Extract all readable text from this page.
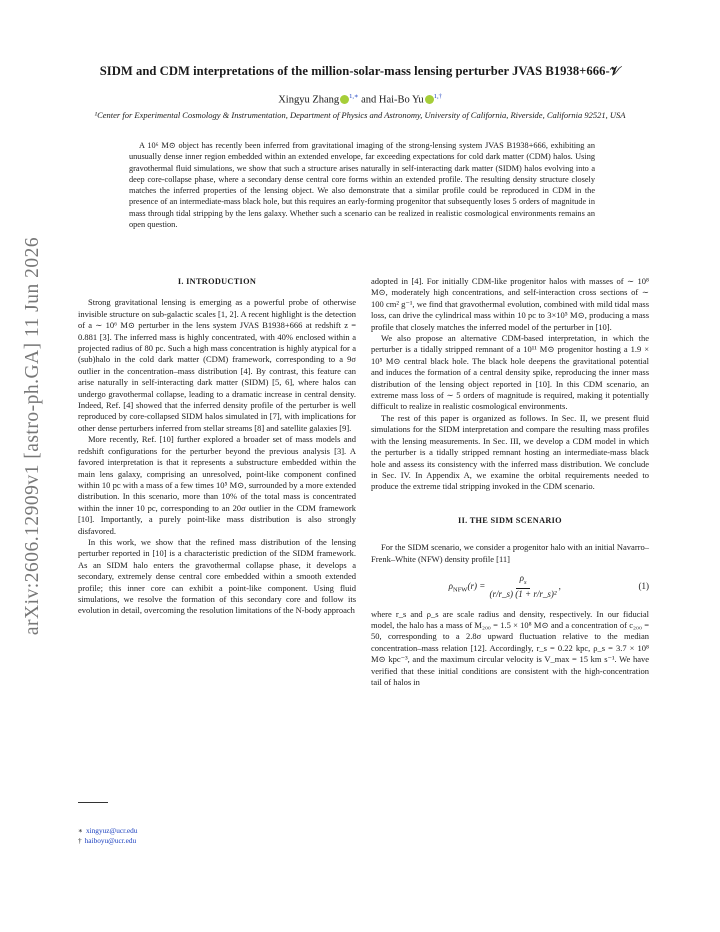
arXiv:2606.12909v1 [astro-ph.GA] 11 Jun 2026
SIDM and CDM interpretations of the million-solar-mass lensing perturber JVAS B1938+666-𝒱
Xingyu Zhang $^{1,∗}$ and Hai-Bo Yu $^{1,\dagger}$
¹Center for Experimental Cosmology & Instrumentation, Department of Physics and Astronomy, University of California, Riverside, California 92521, USA
A 10⁶ M⊙ object has recently been inferred from gravitational imaging of the strong-lensing system JVAS B1938+666, exhibiting an unusually dense inner region embedded within an extended envelope, far exceeding expectations for cold dark matter (CDM) halos. Using gravothermal fluid simulations, we show that such a structure arises naturally in self-interacting dark matter (SIDM) halos evolving into a deep core-collapse phase, where a secondary dense central core forms within an extended profile. The resulting density structure closely matches the inferred properties of the lensing object. We also demonstrate that a similar profile could be reproduced in CDM in the presence of an intermediate-mass black hole, but this requires an early-forming progenitor that subsequently loses 5 orders of magnitude in mass through tidal stripping by the lens galaxy. Whether such a scenario can be realized in realistic cosmological environments remains an open question.
I. INTRODUCTION

Strong gravitational lensing is emerging as a powerful probe of otherwise invisible structure on sub-galactic scales [1, 2]. A recent highlight is the detection of a ∼ 10⁶ M⊙ perturber in the lens system JVAS B1938+666 at redshift z = 0.881 [3]. The inferred mass is highly concentrated, with 40% enclosed within a projected radius of 80 pc. Such a high mass concentration is highly atypical for a (sub)halo in the cold dark matter (CDM) framework, corresponding to a 9σ outlier in the concentration–mass distribution [4]. By contrast, this feature can arise naturally in self-interacting dark matter (SIDM) [5, 6], where halos can undergo gravothermal collapse, leading to a dramatic increase in central density. Indeed, Ref. [4] showed that the inferred density profile of the perturber is well reproduced by core-collapsed SIDM halos simulated in [7], with implications for other dense perturbers inferred from stellar streams [8] and satellite galaxies [9].

More recently, Ref. [10] further explored a broader set of mass models and redshift configurations for the perturber beyond the previous analysis [3]. A favored interpretation is that it represents a substructure embedded within the main lens galaxy, comprising an unresolved, point-like component confined within 10 pc with a mass of a few times 10⁵ M⊙, surrounded by a more extended distribution. In this scenario, more than 10% of the total mass is concentrated within the inner 10 pc, corresponding to an 20σ outlier in the CDM framework [10]. Importantly, a purely point-like mass distribution is also strongly disfavored.

In this work, we show that the refined mass distribution of the lensing perturber reported in [10] is a characteristic prediction of the SIDM framework. As an SIDM halo enters the gravothermal collapse phase, it develops a secondary, extremely dense central core embedded within a smooth extended profile; this inner core can exhibit a point-like component. Using fluid simulations, we resolve the formation of this secondary core and follow its evolution in detail, overcoming the resolution limitations of the N-body approach

adopted in [4]. For initially CDM-like progenitor halos with masses of ∼ 10⁸ M⊙, moderately high concentrations, and self-interaction cross sections of ∼ 100 cm² g⁻¹, we find that gravothermal evolution, combined with mild tidal mass loss, can drive the cylindrical mass within 10 pc to 3×10⁵ M⊙, producing a mass profile that closely matches the inferred model of the perturber in [10].

We also propose an alternative CDM-based interpretation, in which the perturber is a tidally stripped remnant of a 10¹¹ M⊙ progenitor hosting a 1.9 × 10⁵ M⊙ central black hole. The black hole deepens the gravitational potential and induces the formation of a central density spike, reproducing the inner mass distribution of the lensing object reported in [10]. In this CDM scenario, an extreme mass loss of ∼ 5 orders of magnitude is required, making it potentially difficult to realize in realistic cosmological environments.

The rest of this paper is organized as follows. In Sec. II, we present fluid simulations for the SIDM interpretation and compare the resulting mass profiles with the lensing measurements. In Sec. III, we develop a CDM model in which the perturber is a tidally stripped remnant hosting an intermediate-mass black hole and assess its consistency with the inferred mass distribution. We conclude in Sec. IV. In Appendix A, we examine the orbital requirements needed to produce the extreme tidal stripping invoked in the CDM scenario.

II. THE SIDM SCENARIO

For the SIDM scenario, we consider a progenitor halo with an initial Navarro–Frenk–White (NFW) density profile [11]

$\rho_{NFW}(r) = \frac{\rho_s}{\text{(r/r\_s) (1 + r/r\_s)²}}$ ,	(1)

where r_s and ρ_s are scale radius and density, respectively. In our fiducial model, the halo has a mass of M₂₀₀ = 1.5 × 10⁸ M⊙ and a concentration of c₂₀₀ = 50, corresponding to a 2.8σ upward fluctuation relative to the median concentration–mass relation [12]. Accordingly, r_s = 0.22 kpc, ρ_s = 3.7 × 10⁸ M⊙ kpc⁻³, and the maximum circular velocity is V_max = 15 km s⁻¹. We have verified that these initial conditions are consistent with the high-concentration tail of halos in

∗ xingyuz@ucr.edu
† haiboyu@ucr.edu
